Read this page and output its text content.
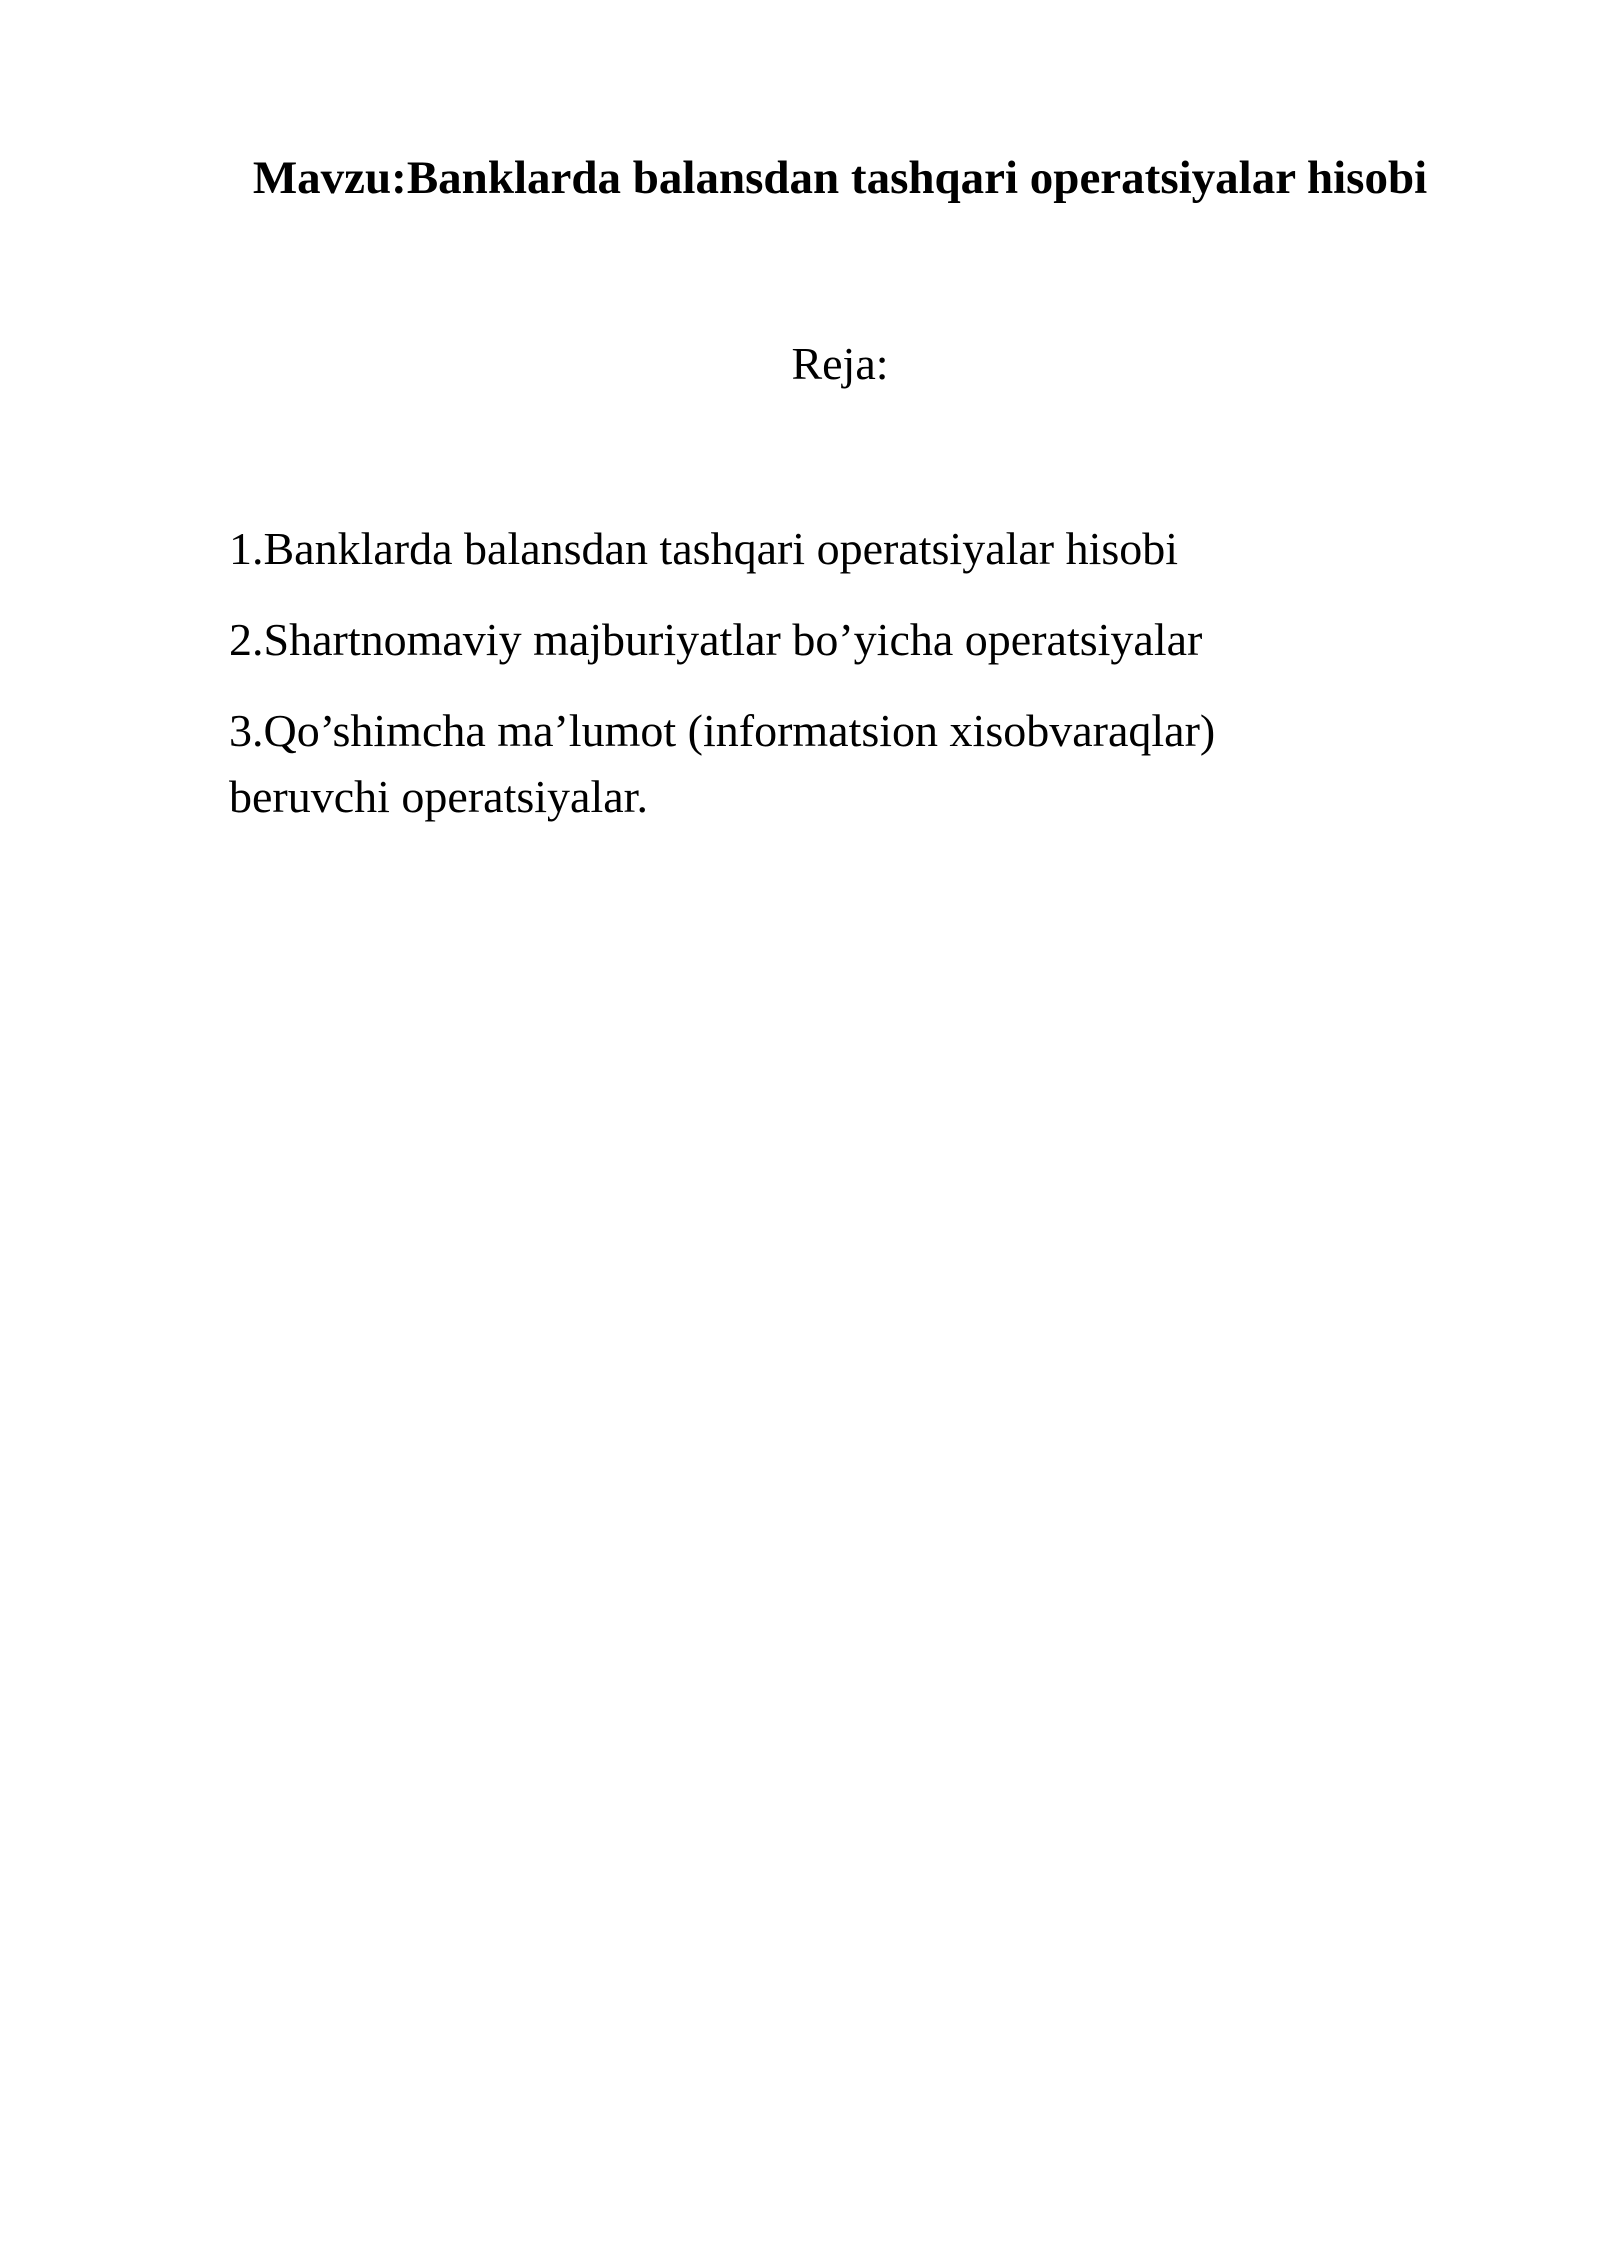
Mavzu:Banklarda balansdan tashqari operatsiyalar hisobi
Reja:
1.Banklarda balansdan tashqari operatsiyalar hisobi
2.Shartnomaviy majburiyatlar bo’yicha operatsiyalar
3.Qo’shimcha ma’lumot (informatsion xisobvaraqlar) beruvchi operatsiyalar.
